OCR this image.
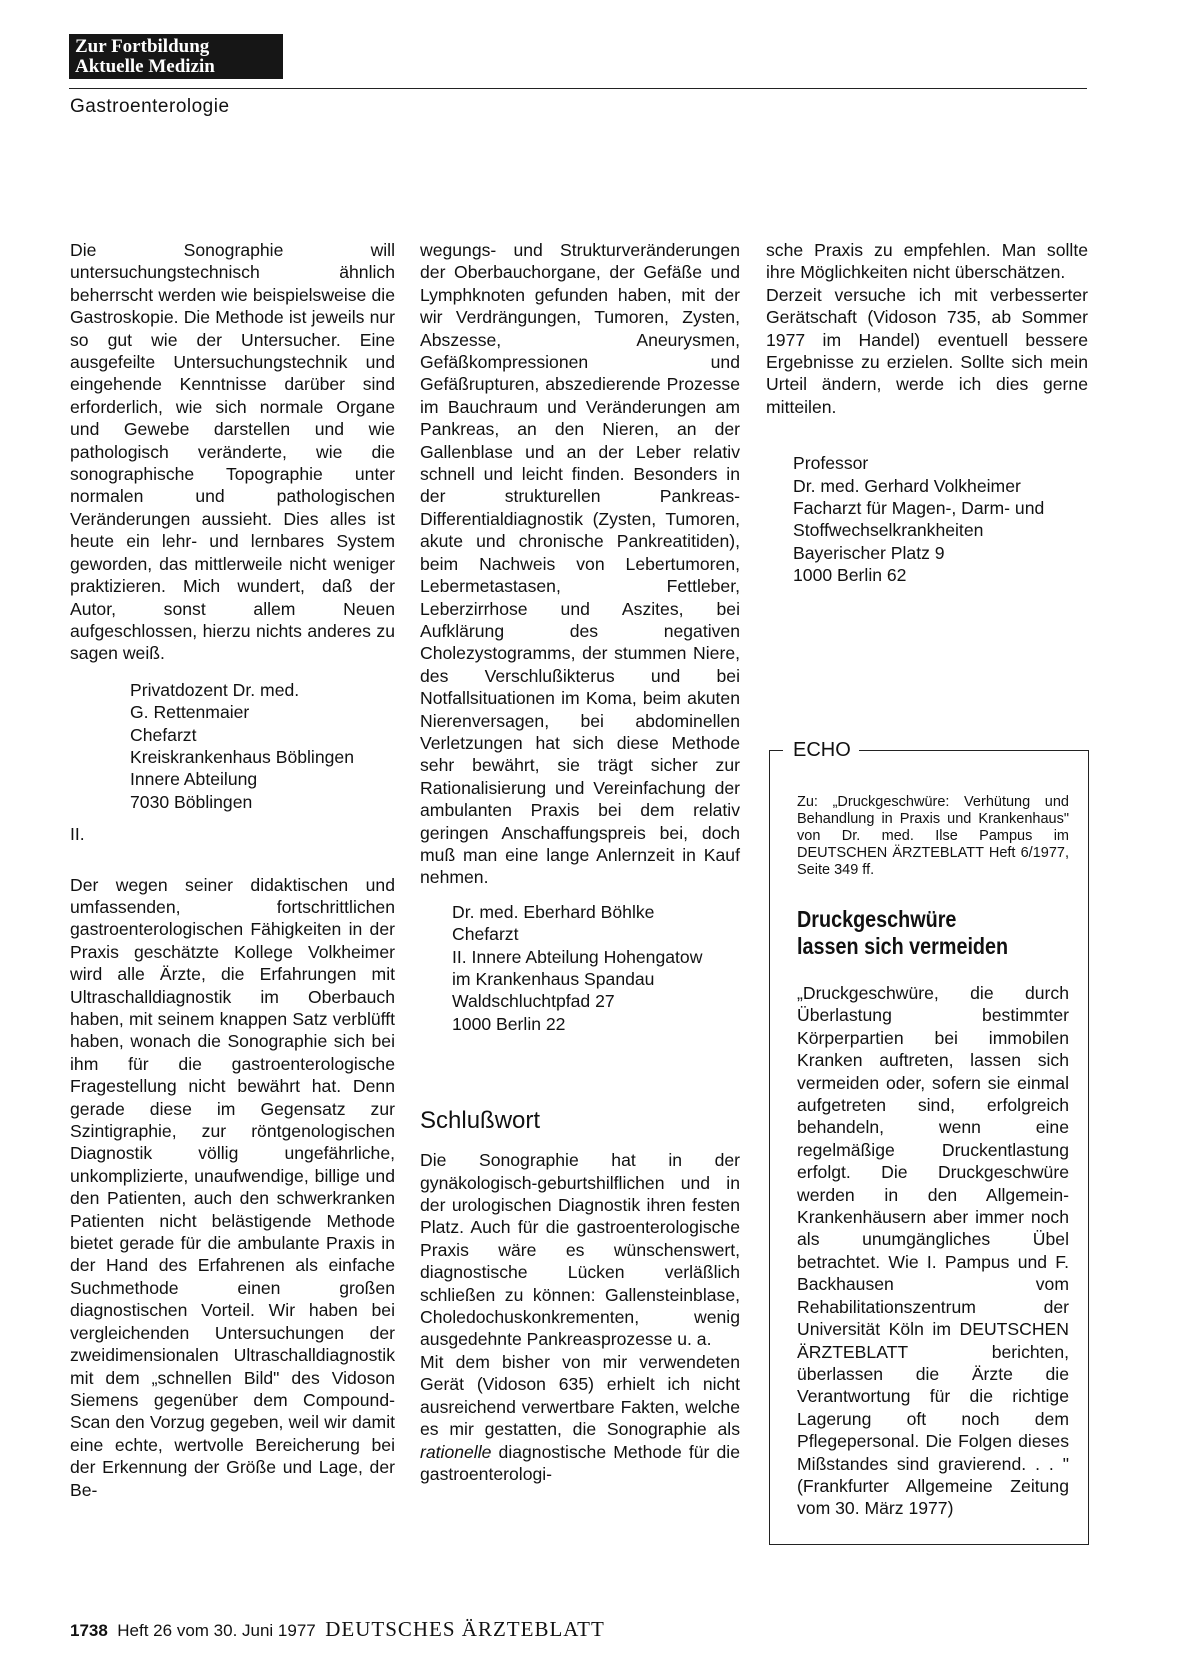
Zur Fortbildung
Aktuelle Medizin
Gastroenterologie

Die Sonographie will untersuchungstechnisch ähnlich beherrscht werden wie beispielsweise die Gastroskopie. Die Methode ist jeweils nur so gut wie der Untersucher. Eine ausgefeilte Untersuchungstechnik und eingehende Kenntnisse darüber sind erforderlich, wie sich normale Organe und Gewebe darstellen und wie pathologisch veränderte, wie die sonographische Topographie unter normalen und pathologischen Veränderungen aussieht. Dies alles ist heute ein lehr- und lernbares System geworden, das mittlerweile nicht weniger praktizieren. Mich wundert, daß der Autor, sonst allem Neuen aufgeschlossen, hierzu nichts anderes zu sagen weiß.

Privatdozent Dr. med.
G. Rettenmaier
Chefarzt
Kreiskrankenhaus Böblingen
Innere Abteilung
7030 Böblingen
II.

Der wegen seiner didaktischen und umfassenden, fortschrittlichen gastroenterologischen Fähigkeiten in der Praxis geschätzte Kollege Volkheimer wird alle Ärzte, die Erfahrungen mit Ultraschalldiagnostik im Oberbauch haben, mit seinem knappen Satz verblüfft haben, wonach die Sonographie sich bei ihm für die gastroenterologische Fragestellung nicht bewährt hat. Denn gerade diese im Gegensatz zur Szintigraphie, zur röntgenologischen Diagnostik völlig ungefährliche, unkomplizierte, unaufwendige, billige und den Patienten, auch den schwerkranken Patienten nicht belästigende Methode bietet gerade für die ambulante Praxis in der Hand des Erfahrenen als einfache Suchmethode einen großen diagnostischen Vorteil. Wir haben bei vergleichenden Untersuchungen der zweidimensionalen Ultraschalldiagnostik mit dem „schnellen Bild" des Vidoson Siemens gegenüber dem Compound-Scan den Vorzug gegeben, weil wir damit eine echte, wertvolle Bereicherung bei der Erkennung der Größe und Lage, der Be-

wegungs- und Strukturveränderungen der Oberbauchorgane, der Gefäße und Lymphknoten gefunden haben, mit der wir Verdrängungen, Tumoren, Zysten, Abszesse, Aneurysmen, Gefäßkompressionen und Gefäßrupturen, abszedierende Prozesse im Bauchraum und Veränderungen am Pankreas, an den Nieren, an der Gallenblase und an der Leber relativ schnell und leicht finden. Besonders in der strukturellen Pankreas-Differentialdiagnostik (Zysten, Tumoren, akute und chronische Pankreatitiden), beim Nachweis von Lebertumoren, Lebermetastasen, Fettleber, Leberzirrhose und Aszites, bei Aufklärung des negativen Cholezystogramms, der stummen Niere, des Verschlußikterus und bei Notfallsituationen im Koma, beim akuten Nierenversagen, bei abdominellen Verletzungen hat sich diese Methode sehr bewährt, sie trägt sicher zur Rationalisierung und Vereinfachung der ambulanten Praxis bei dem relativ geringen Anschaffungspreis bei, doch muß man eine lange Anlernzeit in Kauf nehmen.

Dr. med. Eberhard Böhlke
Chefarzt
II. Innere Abteilung Hohengatow
im Krankenhaus Spandau
Waldschluchtpfad 27
1000 Berlin 22
Schlußwort

Die Sonographie hat in der gynäkologisch-geburtshilflichen und in der urologischen Diagnostik ihren festen Platz. Auch für die gastroenterologische Praxis wäre es wünschenswert, diagnostische Lücken verläßlich schließen zu können: Gallensteinblase, Choledochuskonkrementen, wenig ausgedehnte Pankreasprozesse u. a.

Mit dem bisher von mir verwendeten Gerät (Vidoson 635) erhielt ich nicht ausreichend verwertbare Fakten, welche es mir gestatten, die Sonographie als rationelle diagnostische Methode für die gastroenterologi-

sche Praxis zu empfehlen. Man sollte ihre Möglichkeiten nicht überschätzen.

Derzeit versuche ich mit verbesserter Gerätschaft (Vidoson 735, ab Sommer 1977 im Handel) eventuell bessere Ergebnisse zu erzielen. Sollte sich mein Urteil ändern, werde ich dies gerne mitteilen.

Professor
Dr. med. Gerhard Volkheimer
Facharzt für Magen-, Darm- und
Stoffwechselkrankheiten
Bayerischer Platz 9
1000 Berlin 62
ECHO

Zu: „Druckgeschwüre: Verhütung und Behandlung in Praxis und Krankenhaus" von Dr. med. Ilse Pampus im DEUTSCHEN ÄRZTEBLATT Heft 6/1977, Seite 349 ff.

Druckgeschwüre
lassen sich vermeiden

„Druckgeschwüre, die durch Überlastung bestimmter Körperpartien bei immobilen Kranken auftreten, lassen sich vermeiden oder, sofern sie einmal aufgetreten sind, erfolgreich behandeln, wenn eine regelmäßige Druckentlastung erfolgt. Die Druckgeschwüre werden in den Allgemein-Krankenhäusern aber immer noch als unumgängliches Übel betrachtet. Wie I. Pampus und F. Backhausen vom Rehabilitationszentrum der Universität Köln im DEUTSCHEN ÄRZTEBLATT berichten, überlassen die Ärzte die Verantwortung für die richtige Lagerung oft noch dem Pflegepersonal. Die Folgen dieses Mißstandes sind gravierend. . . " (Frankfurter Allgemeine Zeitung vom 30. März 1977)

1738 Heft 26 vom 30. Juni 1977 DEUTSCHES ÄRZTEBLATT
